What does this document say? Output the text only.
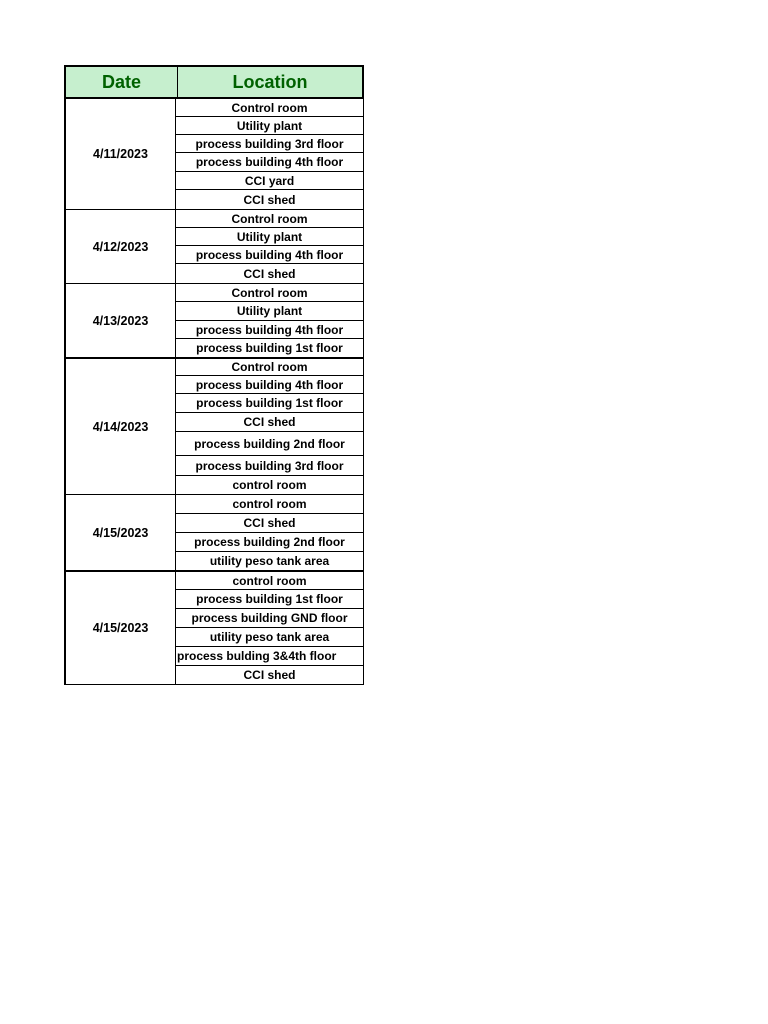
Date	Location
4/11/2023
Control room
Utility plant
process building 3rd floor
process building 4th floor
CCI yard
CCI shed
4/12/2023
Control room
Utility plant
process building 4th floor
CCI shed
4/13/2023
Control room
Utility plant
process building 4th floor
process building 1st floor
4/14/2023
Control room
process building 4th floor
process building 1st floor
CCI shed
process building 2nd floor
process building 3rd floor
control room
4/15/2023
control room
CCI shed
process building 2nd floor
utility peso tank area
4/15/2023
control room
process building 1st floor
process building GND floor
utility peso tank area
process bulding 3&4th floor
CCI shed
